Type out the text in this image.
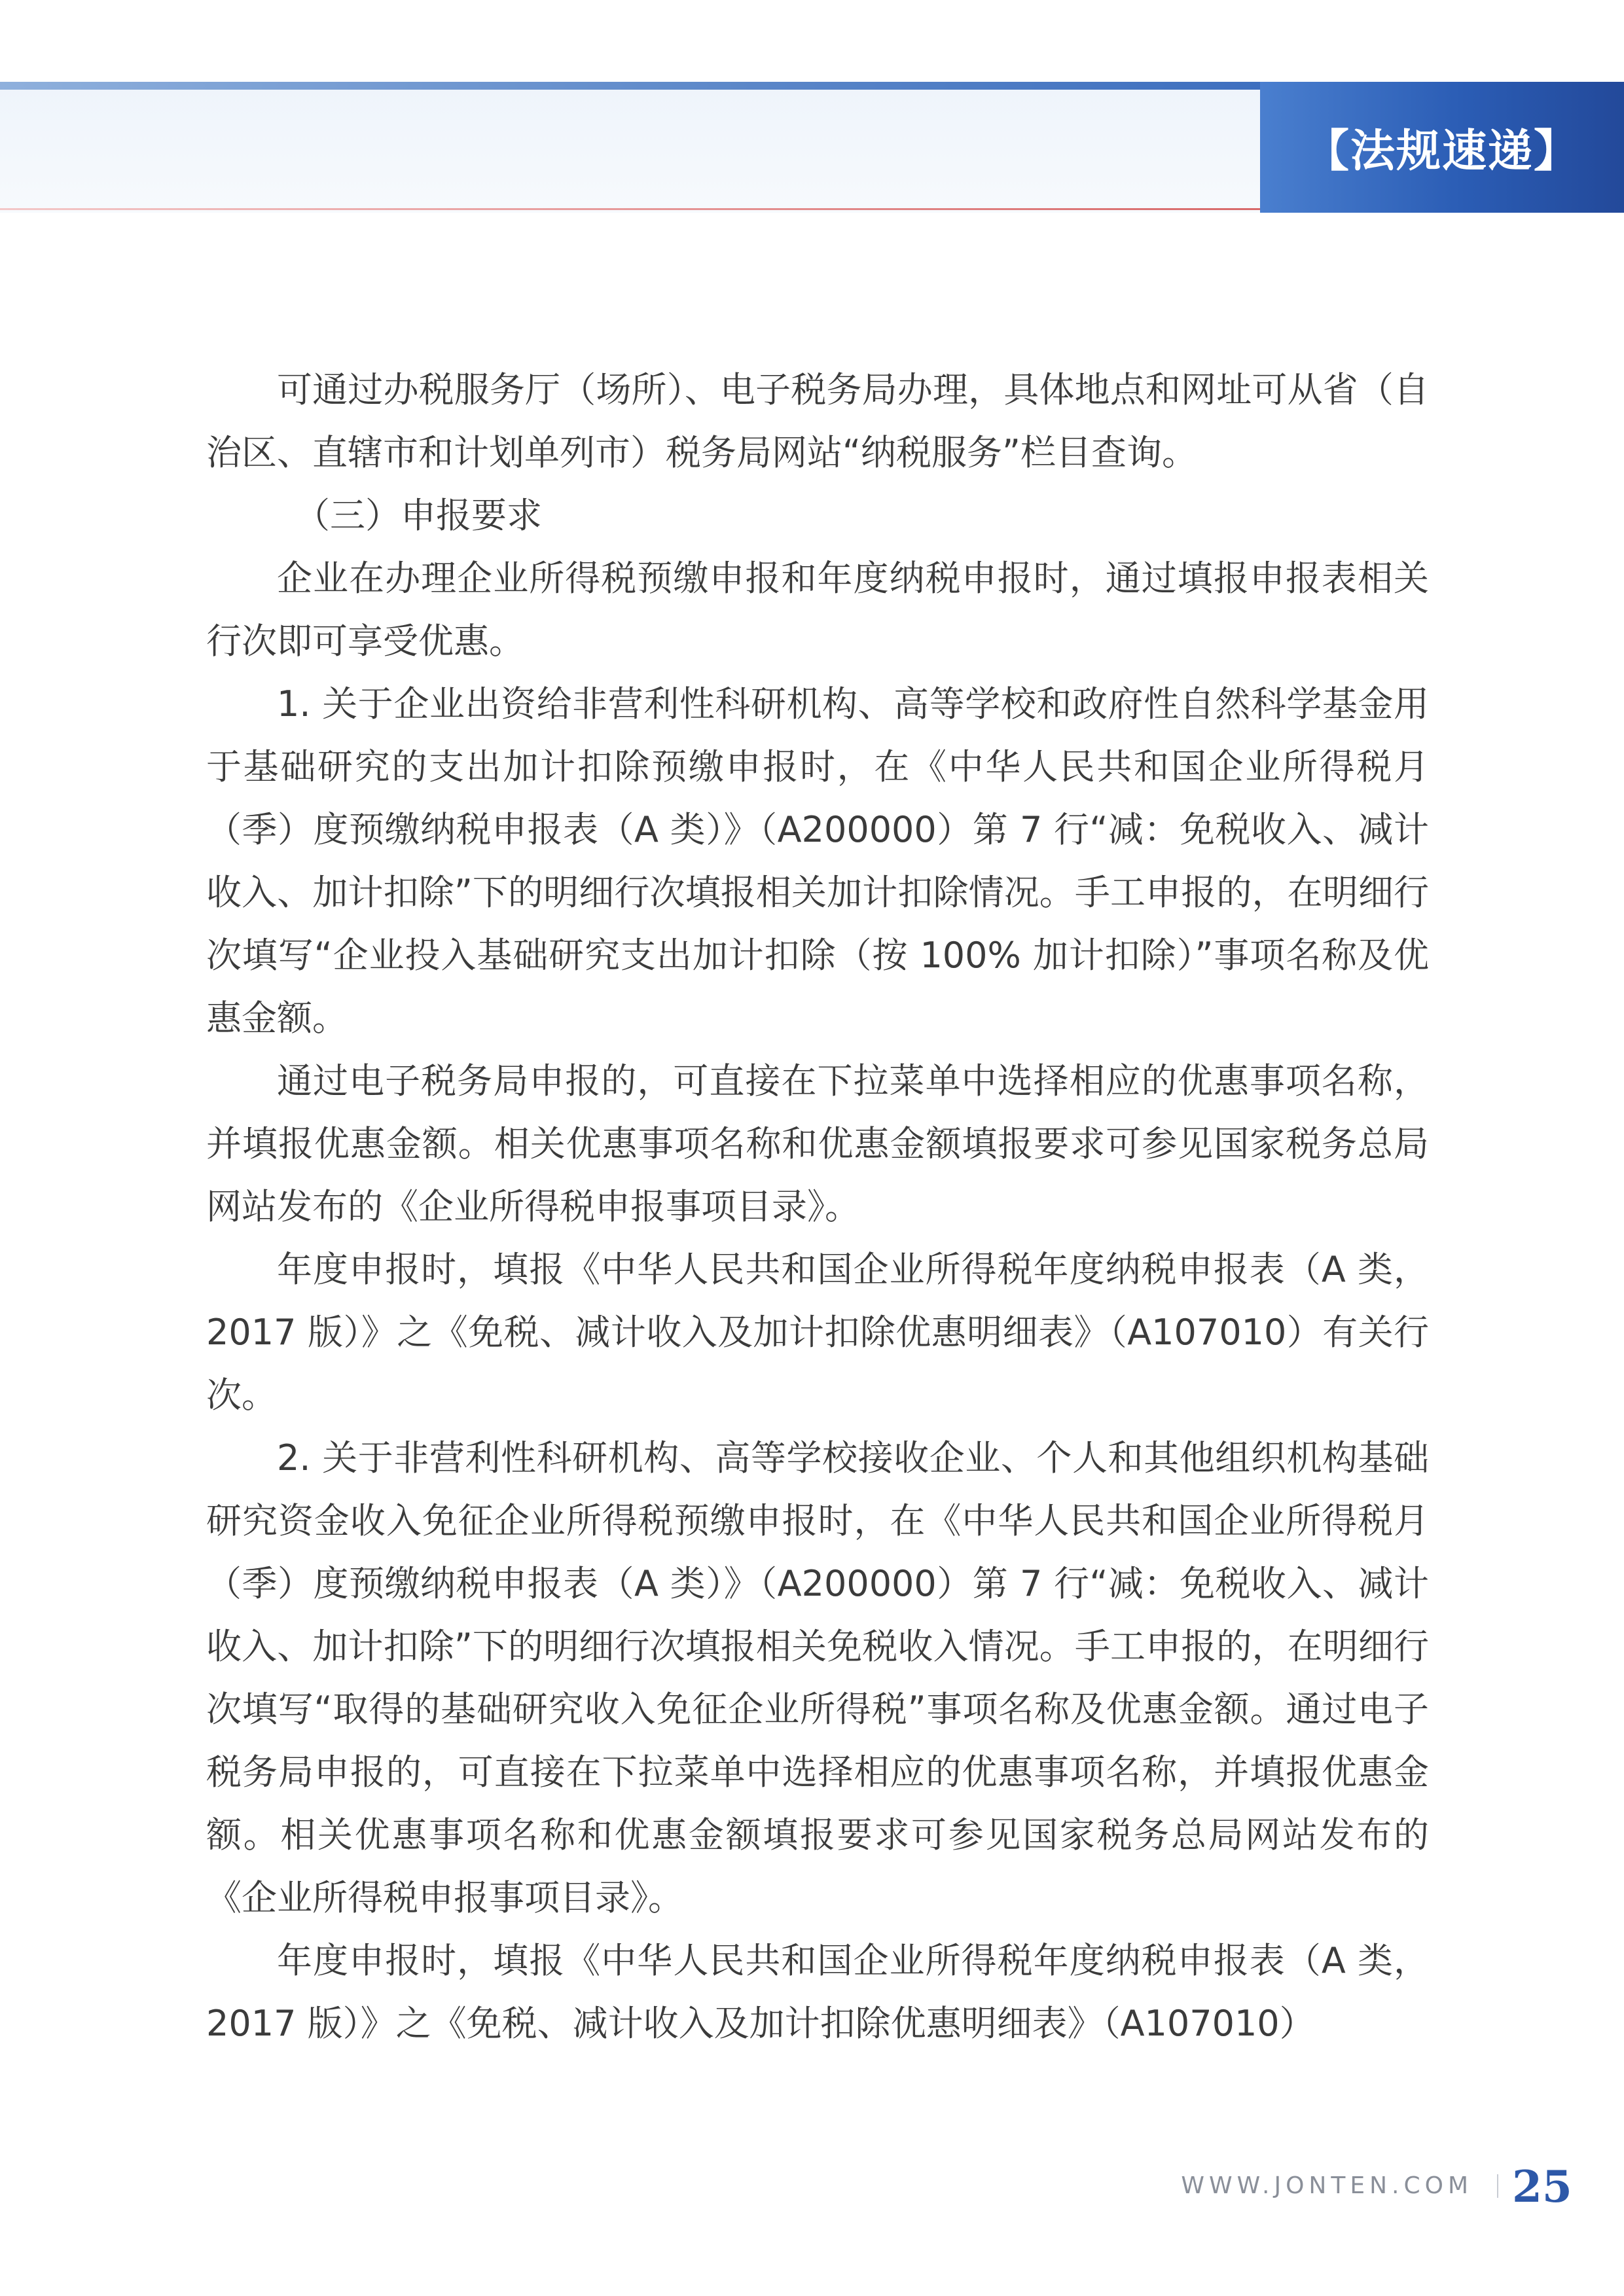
【法规速递】

可通过办税服务厅（场所）、电子税务局办理，具体地点和网址可从省（自治区、直辖市和计划单列市）税务局网站“纳税服务”栏目查询。

（三）申报要求

企业在办理企业所得税预缴申报和年度纳税申报时，通过填报申报表相关行次即可享受优惠。

1. 关于企业出资给非营利性科研机构、高等学校和政府性自然科学基金用于基础研究的支出加计扣除预缴申报时，在《中华人民共和国企业所得税月（季）度预缴纳税申报表（A 类）》（A200000）第 7 行“减：免税收入、减计收入、加计扣除”下的明细行次填报相关加计扣除情况。手工申报的，在明细行次填写“企业投入基础研究支出加计扣除（按 100% 加计扣除）”事项名称及优惠金额。

通过电子税务局申报的，可直接在下拉菜单中选择相应的优惠事项名称，并填报优惠金额。相关优惠事项名称和优惠金额填报要求可参见国家税务总局网站发布的《企业所得税申报事项目录》。

年度申报时，填报《中华人民共和国企业所得税年度纳税申报表（A 类，2017 版）》之《免税、减计收入及加计扣除优惠明细表》（A107010）有关行次。

2. 关于非营利性科研机构、高等学校接收企业、个人和其他组织机构基础研究资金收入免征企业所得税预缴申报时，在《中华人民共和国企业所得税月（季）度预缴纳税申报表（A 类）》（A200000）第 7 行“减：免税收入、减计收入、加计扣除”下的明细行次填报相关免税收入情况。手工申报的，在明细行次填写“取得的基础研究收入免征企业所得税”事项名称及优惠金额。通过电子税务局申报的，可直接在下拉菜单中选择相应的优惠事项名称，并填报优惠金额。相关优惠事项名称和优惠金额填报要求可参见国家税务总局网站发布的《企业所得税申报事项目录》。

年度申报时，填报《中华人民共和国企业所得税年度纳税申报表（A 类，2017 版）》之《免税、减计收入及加计扣除优惠明细表》（A107010）

WWW.JONTEN.COM 25
